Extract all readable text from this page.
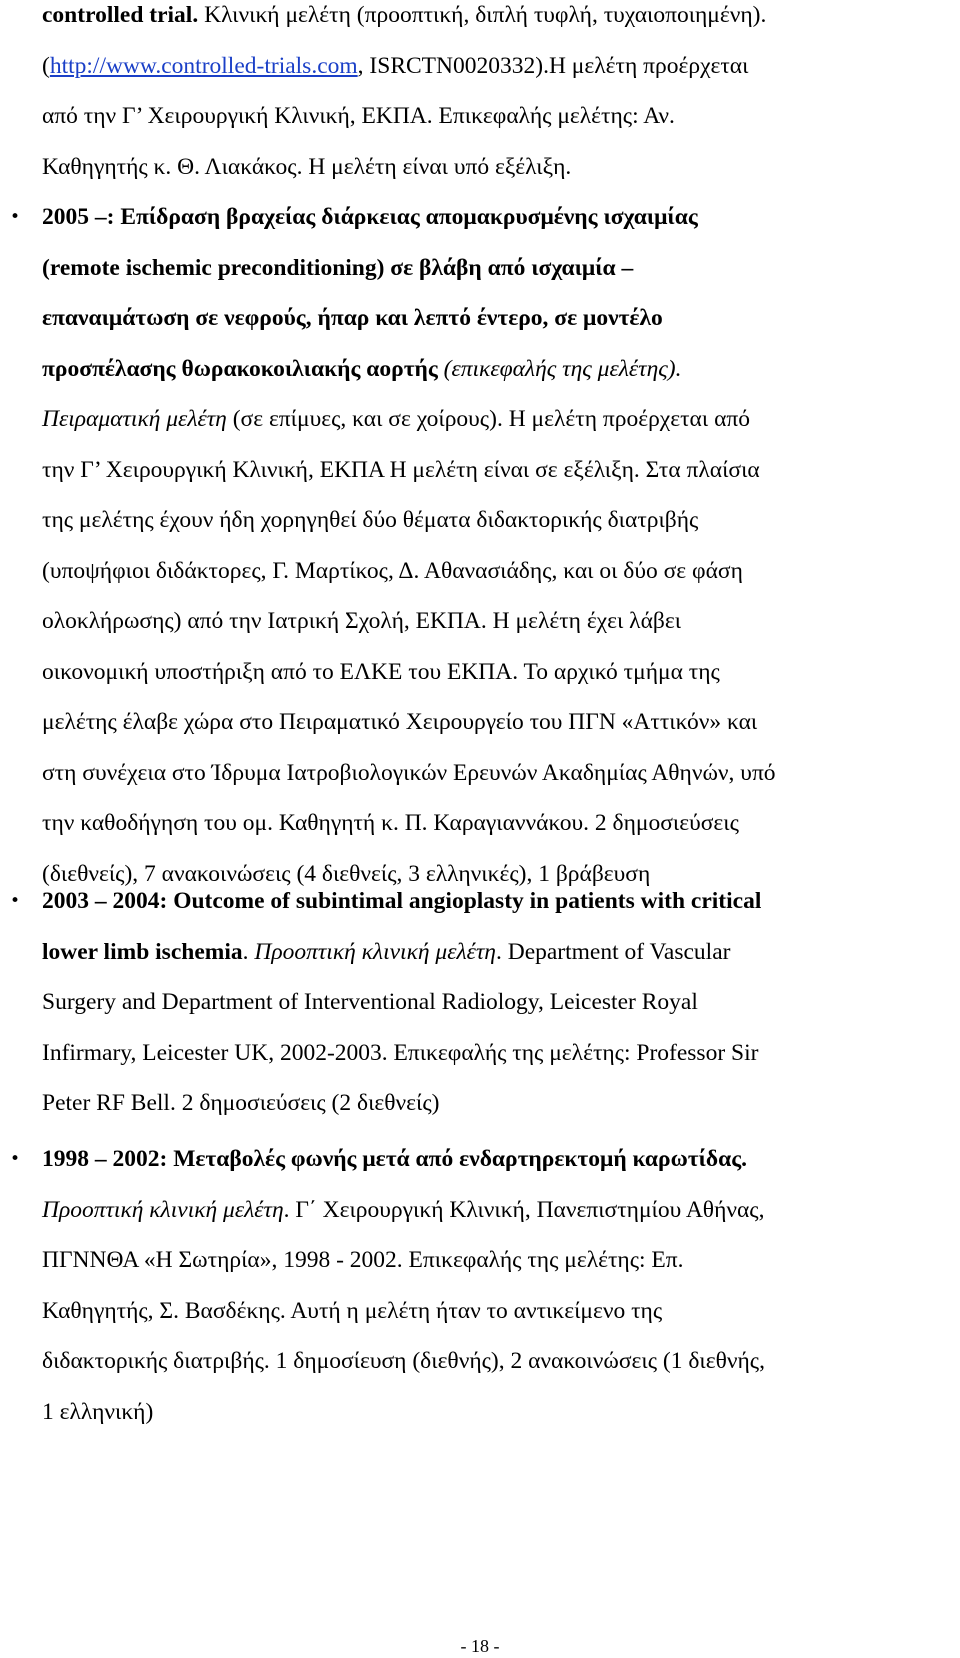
controlled trial. Κλινική μελέτη (προοπτική, διπλή τυφλή, τυχαιοποιημένη).
(http://www.controlled-trials.com, ISRCTN0020332).Η μελέτη προέρχεται
από την Γ’ Χειρουργική Κλινική, ΕΚΠΑ. Επικεφαλής μελέτης: Αν.
Καθηγητής κ. Θ. Λιακάκος. Η μελέτη είναι υπό εξέλιξη.
• 2005 –: Επίδραση βραχείας διάρκειας απομακρυσμένης ισχαιμίας
(remote ischemic preconditioning) σε βλάβη από ισχαιμία –
επαναιμάτωση σε νεφρούς, ήπαρ και λεπτό έντερο, σε μοντέλο
προσπέλασης θωρακοκοιλιακής αορτής (επικεφαλής της μελέτης).
Πειραματική μελέτη (σε επίμυες, και σε χοίρους). Η μελέτη προέρχεται από
την Γ’ Χειρουργική Κλινική, ΕΚΠΑ Η μελέτη είναι σε εξέλιξη. Στα πλαίσια
της μελέτης έχουν ήδη χορηγηθεί δύο θέματα διδακτορικής διατριβής
(υποψήφιοι διδάκτορες, Γ. Μαρτίκος, Δ. Αθανασιάδης, και οι δύο σε φάση
ολοκλήρωσης) από την Ιατρική Σχολή, ΕΚΠΑ. Η μελέτη έχει λάβει
οικονομική υποστήριξη από το ΕΛΚΕ του ΕΚΠΑ. Το αρχικό τμήμα της
μελέτης έλαβε χώρα στο Πειραματικό Χειρουργείο του ΠΓΝ «Αττικόν» και
στη συνέχεια στο Ίδρυμα Ιατροβιολογικών Ερευνών Ακαδημίας Αθηνών, υπό
την καθοδήγηση του ομ. Καθηγητή κ. Π. Καραγιαννάκου. 2 δημοσιεύσεις
(διεθνείς), 7 ανακοινώσεις (4 διεθνείς, 3 ελληνικές), 1 βράβευση
• 2003 – 2004: Outcome of subintimal angioplasty in patients with critical
lower limb ischemia. Προοπτική κλινική μελέτη. Department of Vascular
Surgery and Department of Interventional Radiology, Leicester Royal
Infirmary, Leicester UK, 2002-2003. Επικεφαλής της μελέτης: Professor Sir
Peter RF Bell. 2 δημοσιεύσεις (2 διεθνείς)
• 1998 – 2002: Μεταβολές φωνής μετά από ενδαρτηρεκτομή καρωτίδας.
Προοπτική κλινική μελέτη. Γ΄ Χειρουργική Κλινική, Πανεπιστημίου Αθήνας,
ΠΓΝΝΘΑ «Η Σωτηρία», 1998 - 2002. Επικεφαλής της μελέτης: Επ.
Καθηγητής, Σ. Βασδέκης. Αυτή η μελέτη ήταν το αντικείμενο της
διδακτορικής διατριβής. 1 δημοσίευση (διεθνής), 2 ανακοινώσεις (1 διεθνής,
1 ελληνική)
- 18 -
